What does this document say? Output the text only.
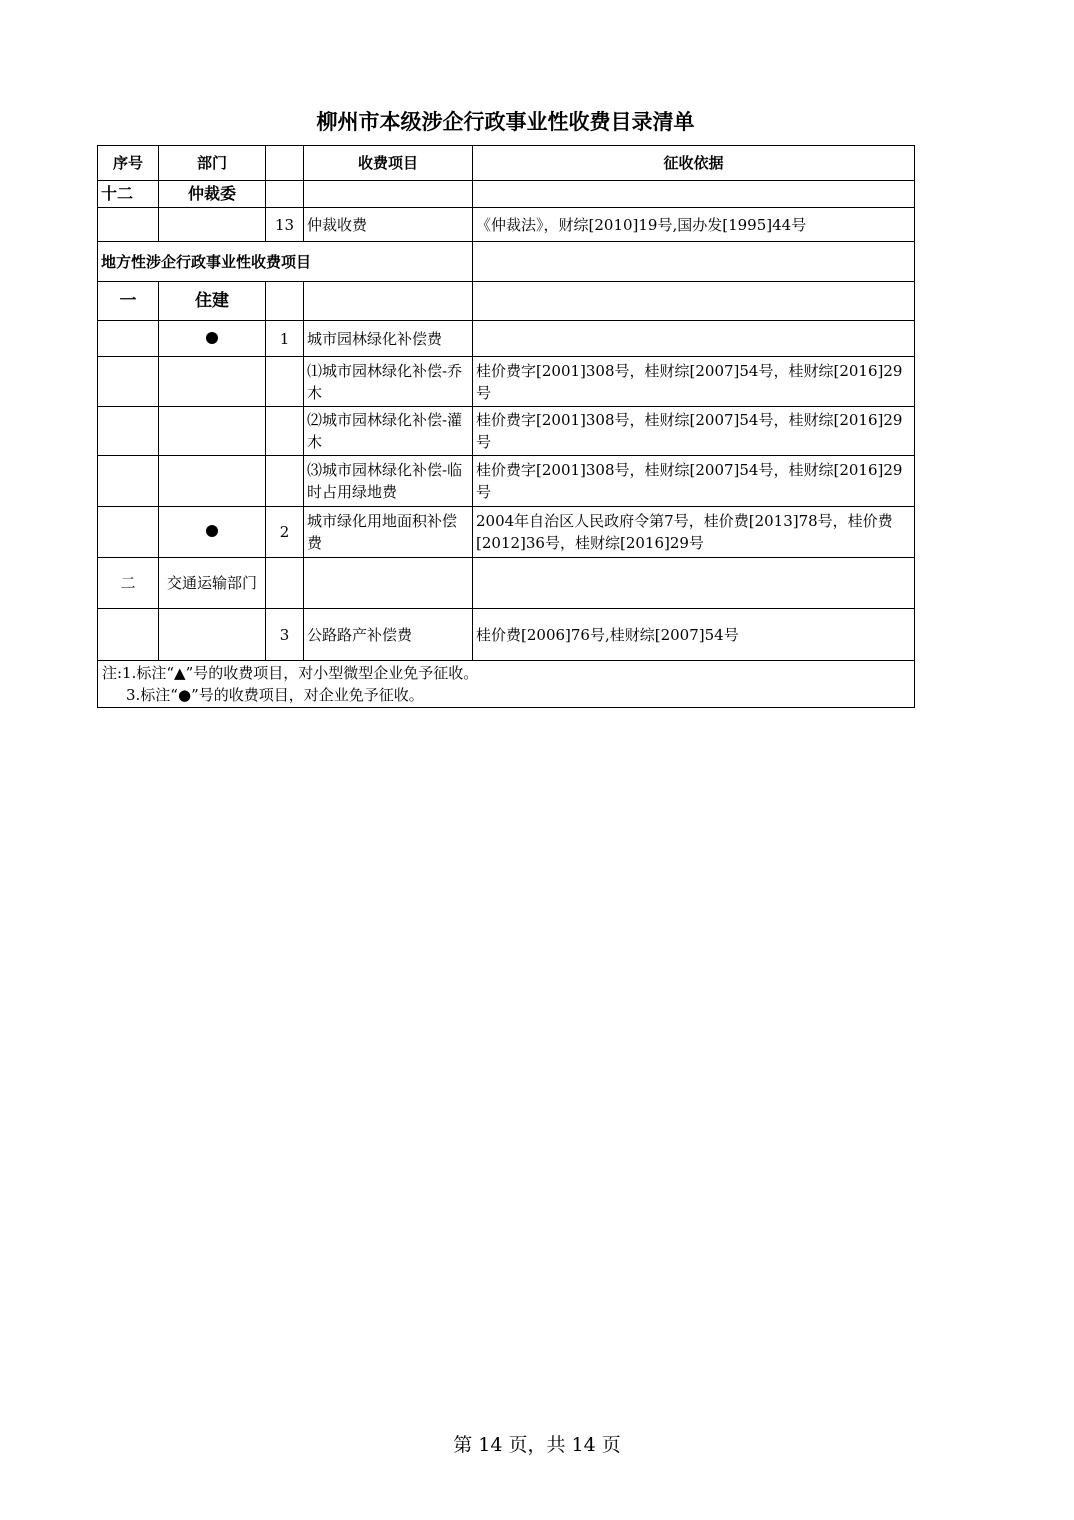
柳州市本级涉企行政事业性收费目录清单
序号	部门		收费项目	征收依据
十二	仲裁委			
		13	仲裁收费	《仲裁法》，财综[2010]19号,国办发[1995]44号
地方性涉企行政事业性收费项目				
一	住建			
		1	城市园林绿化补偿费	
			⑴城市园林绿化补偿-乔木	桂价费字[2001]308号，桂财综[2007]54号，桂财综[2016]29号
			⑵城市园林绿化补偿-灌木	桂价费字[2001]308号，桂财综[2007]54号，桂财综[2016]29号
			⑶城市园林绿化补偿-临时占用绿地费	桂价费字[2001]308号，桂财综[2007]54号，桂财综[2016]29号
		2	城市绿化用地面积补偿费	2004年自治区人民政府令第7号，桂价费[2013]78号，桂价费[2012]36号，桂财综[2016]29号
二	交通运输部门			
		3	公路路产补偿费	桂价费[2006]76号,桂财综[2007]54号

注:1.标注“▲”号的收费项目，对小型微型企业免予征收。
3.标注“●”号的收费项目，对企业免予征收。				
第 14 页，共 14 页
